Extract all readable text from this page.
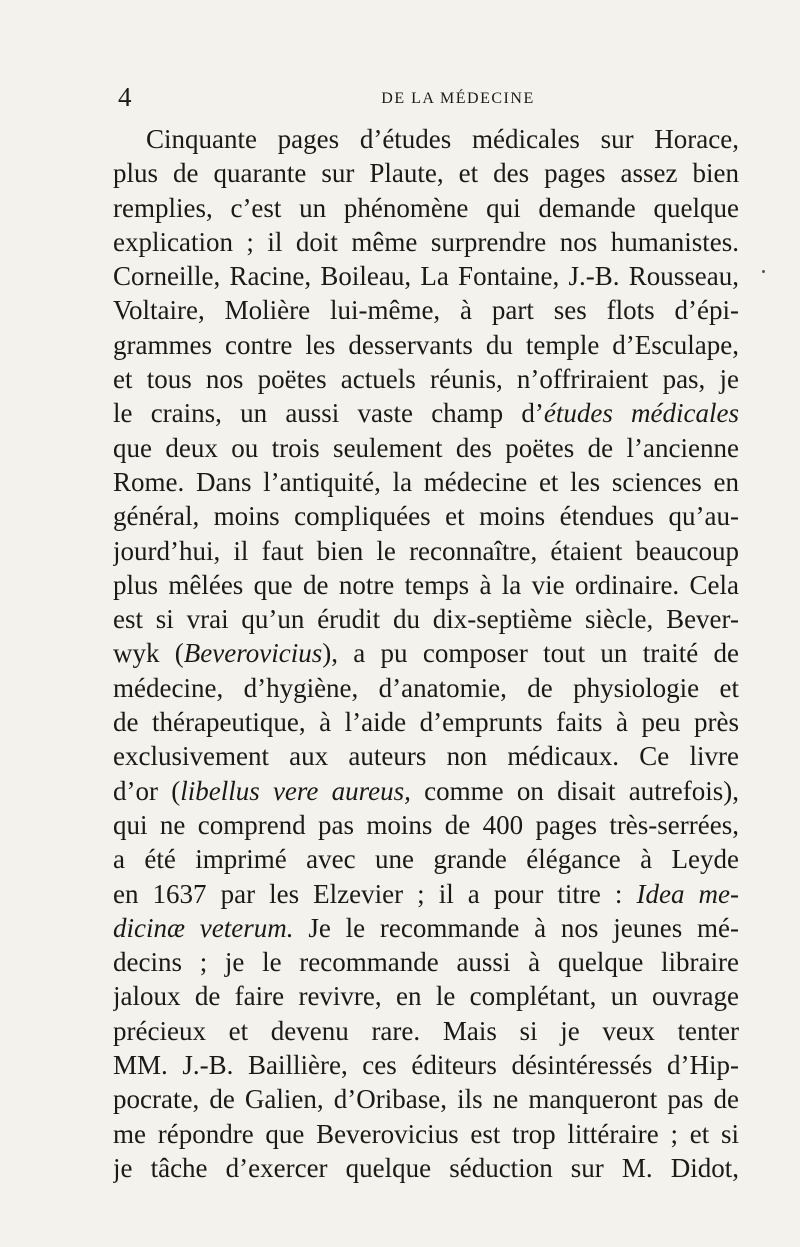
4	DE LA MÉDECINE
Cinquante pages d’études médicales sur Horace,
plus de quarante sur Plaute, et des pages assez bien
remplies, c’est un phénomène qui demande quelque
explication ; il doit même surprendre nos humanistes.
Corneille, Racine, Boileau, La Fontaine, J.-B. Rousseau,
Voltaire, Molière lui-même, à part ses flots d’épi-
grammes contre les desservants du temple d’Esculape,
et tous nos poëtes actuels réunis, n’offriraient pas, je
le crains, un aussi vaste champ d’études médicales
que deux ou trois seulement des poëtes de l’ancienne
Rome. Dans l’antiquité, la médecine et les sciences en
général, moins compliquées et moins étendues qu’au-
jourd’hui, il faut bien le reconnaître, étaient beaucoup
plus mêlées que de notre temps à la vie ordinaire. Cela
est si vrai qu’un érudit du dix-septième siècle, Bever-
wyk (Beverovicius), a pu composer tout un traité de
médecine, d’hygiène, d’anatomie, de physiologie et
de thérapeutique, à l’aide d’emprunts faits à peu près
exclusivement aux auteurs non médicaux. Ce livre
d’or (libellus vere aureus, comme on disait autrefois),
qui ne comprend pas moins de 400 pages très-serrées,
a été imprimé avec une grande élégance à Leyde
en 1637 par les Elzevier ; il a pour titre : Idea me-
dicinæ veterum. Je le recommande à nos jeunes mé-
decins ; je le recommande aussi à quelque libraire
jaloux de faire revivre, en le complétant, un ouvrage
précieux et devenu rare. Mais si je veux tenter
MM. J.-B. Baillière, ces éditeurs désintéressés d’Hip-
pocrate, de Galien, d’Oribase, ils ne manqueront pas de
me répondre que Beverovicius est trop littéraire ; et si
je tâche d’exercer quelque séduction sur M. Didot,
